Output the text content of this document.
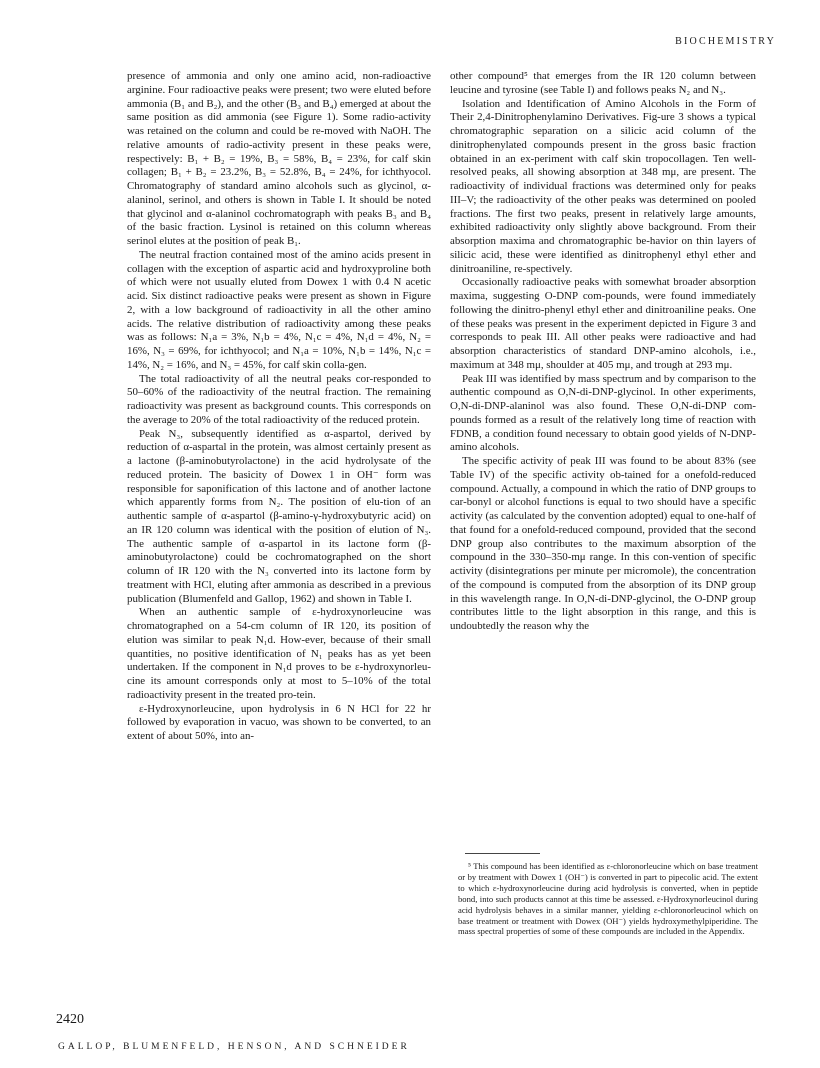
BIOCHEMISTRY

presence of ammonia and only one amino acid, non-radioactive arginine. Four radioactive peaks were present; two were eluted before ammonia (B₁ and B₂), and the other (B₃ and B₄) emerged at about the same position as did ammonia (see Figure 1). Some radio-activity was retained on the column and could be re-moved with NaOH. The relative amounts of radio-activity present in these peaks were, respectively: B₁ + B₂ = 19%, B₃ = 58%, B₄ = 23%, for calf skin collagen; B₁ + B₂ = 23.2%, B₃ = 52.8%, B₄ = 24%, for ichthyocol. Chromatography of standard amino alcohols such as glycinol, α-alaninol, serinol, and others is shown in Table I. It should be noted that glycinol and α-alaninol cochromatograph with peaks B₃ and B₄ of the basic fraction. Lysinol is retained on this column whereas serinol elutes at the position of peak B₁.

The neutral fraction contained most of the amino acids present in collagen with the exception of aspartic acid and hydroxyproline both of which were not usually eluted from Dowex 1 with 0.4 N acetic acid. Six distinct radioactive peaks were present as shown in Figure 2, with a low background of radioactivity in all the other amino acids. The relative distribution of radioactivity among these peaks was as follows: N₁a = 3%, N₁b = 4%, N₁c = 4%, N₁d = 4%, N₂ = 16%, N₃ = 69%, for ichthyocol; and N₁a = 10%, N₁b = 14%, N₁c = 14%, N₂ = 16%, and N₃ = 45%, for calf skin colla-gen.

The total radioactivity of all the neutral peaks cor-responded to 50–60% of the radioactivity of the neutral fraction. The remaining radioactivity was present as background counts. This corresponds on the average to 20% of the total radioactivity of the reduced protein.

Peak N₃, subsequently identified as α-aspartol, derived by reduction of α-aspartal in the protein, was almost certainly present as a lactone (β-aminobutyrolactone) in the acid hydrolysate of the reduced protein. The basicity of Dowex 1 in OH⁻ form was responsible for saponification of this lactone and of another lactone which apparently forms from N₂. The position of elu-tion of an authentic sample of α-aspartol (β-amino-γ-hydroxybutyric acid) on an IR 120 column was identical with the position of elution of N₃. The authentic sample of α-aspartol in its lactone form (β-aminobutyrolactone) could be cochromatographed on the short column of IR 120 with the N₃ converted into its lactone form by treatment with HCl, eluting after ammonia as described in a previous publication (Blumenfeld and Gallop, 1962) and shown in Table I.

When an authentic sample of ε-hydroxynorleucine was chromatographed on a 54-cm column of IR 120, its position of elution was similar to peak N₁d. How-ever, because of their small quantities, no positive identification of N₁ peaks has as yet been undertaken. If the component in N₁d proves to be ε-hydroxynorleu-cine its amount corresponds only at most to 5–10% of the total radioactivity present in the treated pro-tein.

ε-Hydroxynorleucine, upon hydrolysis in 6 N HCl for 22 hr followed by evaporation in vacuo, was shown to be converted, to an extent of about 50%, into an-

other compound⁵ that emerges from the IR 120 column between leucine and tyrosine (see Table I) and follows peaks N₂ and N₃.

Isolation and Identification of Amino Alcohols in the Form of Their 2,4-Dinitrophenylamino Derivatives. Fig-ure 3 shows a typical chromatographic separation on a silicic acid column of the dinitrophenylated compounds present in the gross basic fraction obtained in an ex-periment with calf skin tropocollagen. Ten well-resolved peaks, all showing absorption at 348 mμ, are present. The radioactivity of individual fractions was determined only for peaks III–V; the radioactivity of the other peaks was determined on pooled fractions. The first two peaks, present in relatively large amounts, exhibited radioactivity only slightly above background. From their absorption maxima and chromatographic be-havior on thin layers of silicic acid, these were identified as dinitrophenyl ethyl ether and dinitroaniline, re-spectively.

Occasionally radioactive peaks with somewhat broader absorption maxima, suggesting O-DNP com-pounds, were found immediately following the dinitro-phenyl ethyl ether and dinitroaniline peaks. One of these peaks was present in the experiment depicted in Figure 3 and corresponds to peak III. All other peaks were radioactive and had absorption characteristics of standard DNP-amino alcohols, i.e., maximum at 348 mμ, shoulder at 405 mμ, and trough at 293 mμ.

Peak III was identified by mass spectrum and by comparison to the authentic compound as O,N-di-DNP-glycinol. In other experiments, O,N-di-DNP-alaninol was also found. These O,N-di-DNP com-pounds formed as a result of the relatively long time of reaction with FDNB, a condition found necessary to obtain good yields of N-DNP-amino alcohols.

The specific activity of peak III was found to be about 83% (see Table IV) of the specific activity ob-tained for a onefold-reduced compound. Actually, a compound in which the ratio of DNP groups to car-bonyl or alcohol functions is equal to two should have a specific activity (as calculated by the convention adopted) equal to one-half of that found for a onefold-reduced compound, provided that the second DNP group also contributes to the maximum absorption of the compound in the 330–350-mμ range. In this con-vention of specific activity (disintegrations per minute per micromole), the concentration of the compound is computed from the absorption of its DNP group in this wavelength range. In O,N-di-DNP-glycinol, the O-DNP group contributes little to the light absorption in this range, and this is undoubtedly the reason why the

⁵ This compound has been identified as ε-chloronorleucine which on base treatment or by treatment with Dowex 1 (OH⁻) is converted in part to pipecolic acid. The extent to which ε-hydroxynorleucine during acid hydrolysis is converted, when in peptide bond, into such products cannot at this time be assessed. ε-Hydroxynorleucinol during acid hydrolysis behaves in a similar manner, yielding ε-chloronorleucinol which on base treatment or treatment with Dowex (OH⁻) yields hydroxymethylpiperidine. The mass spectral properties of some of these compounds are included in the Appendix.

2420
GALLOP, BLUMENFELD, HENSON, AND SCHNEIDER
